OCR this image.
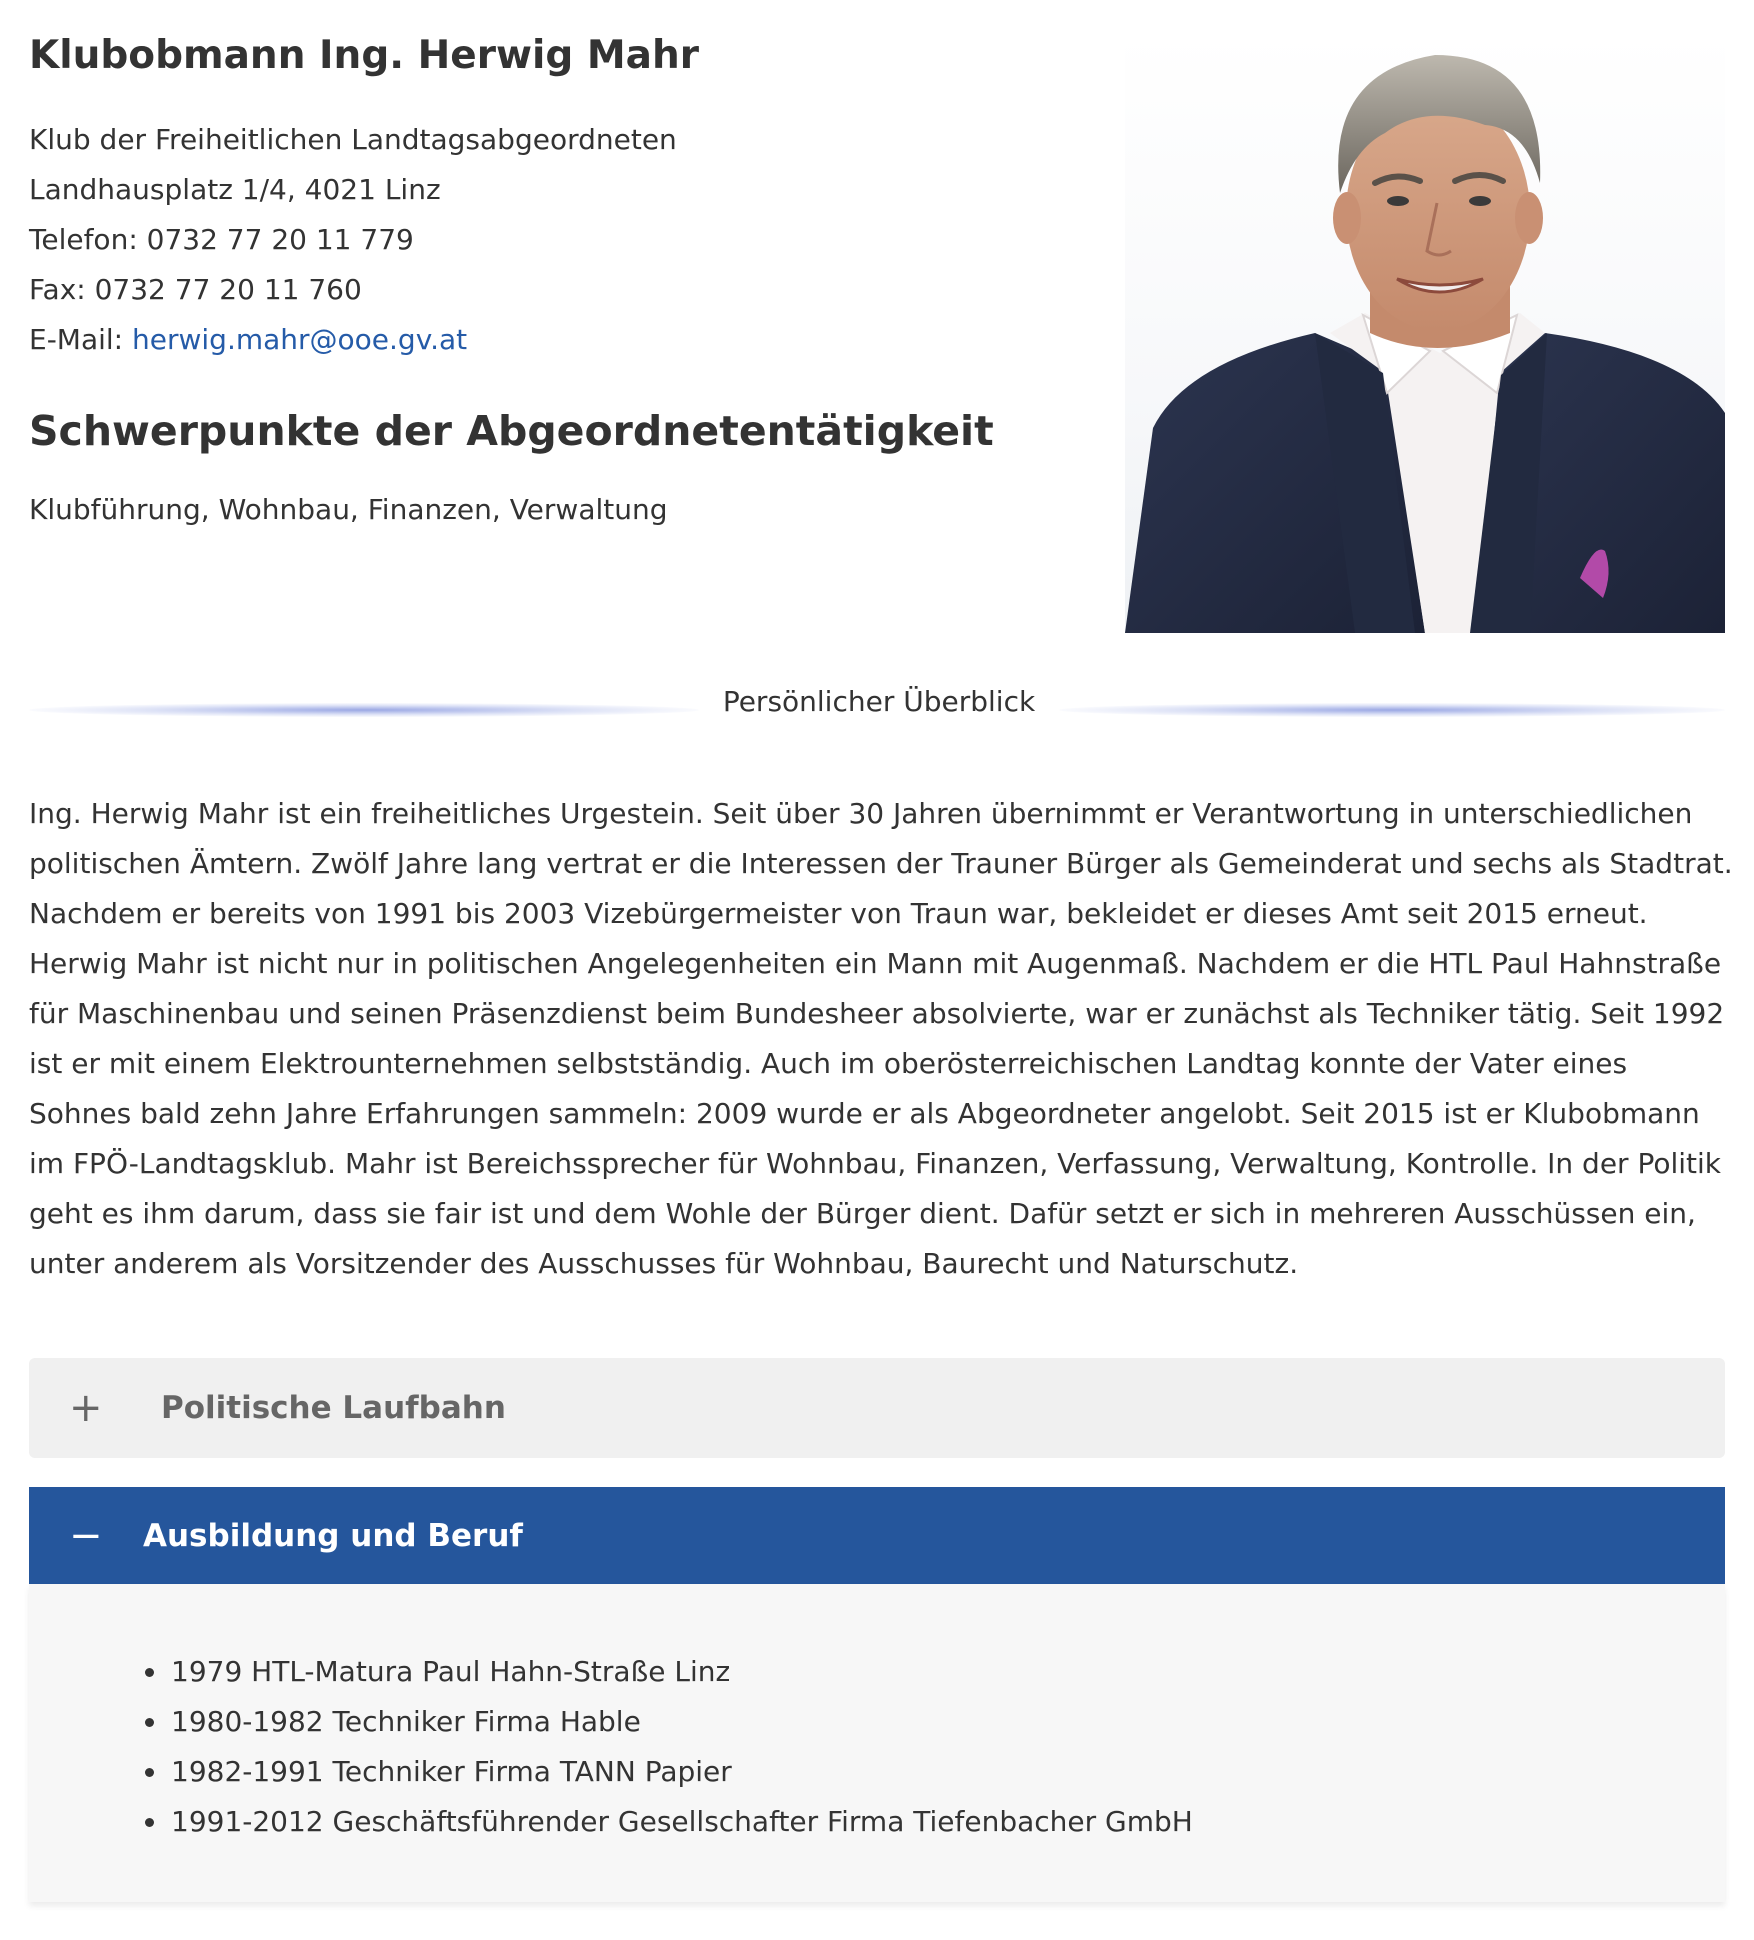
Klubobmann Ing. Herwig Mahr
Klub der Freiheitlichen Landtagsabgeordneten
Landhausplatz 1/4, 4021 Linz
Telefon: 0732 77 20 11 779
Fax: 0732 77 20 11 760
E-Mail: herwig.mahr@ooe.gv.at
Schwerpunkte der Abgeordnetentätigkeit
Klubführung, Wohnbau, Finanzen, Verwaltung
Persönlicher Überblick
Ing. Herwig Mahr ist ein freiheitliches Urgestein. Seit über 30 Jahren übernimmt er Verantwortung in unterschiedlichen
politischen Ämtern. Zwölf Jahre lang vertrat er die Interessen der Trauner Bürger als Gemeinderat und sechs als Stadtrat.
Nachdem er bereits von 1991 bis 2003 Vizebürgermeister von Traun war, bekleidet er dieses Amt seit 2015 erneut.
Herwig Mahr ist nicht nur in politischen Angelegenheiten ein Mann mit Augenmaß. Nachdem er die HTL Paul Hahnstraße
für Maschinenbau und seinen Präsenzdienst beim Bundesheer absolvierte, war er zunächst als Techniker tätig. Seit 1992
ist er mit einem Elektrounternehmen selbstständig. Auch im oberösterreichischen Landtag konnte der Vater eines
Sohnes bald zehn Jahre Erfahrungen sammeln: 2009 wurde er als Abgeordneter angelobt. Seit 2015 ist er Klubobmann
im FPÖ-Landtagsklub. Mahr ist Bereichssprecher für Wohnbau, Finanzen, Verfassung, Verwaltung, Kontrolle. In der Politik
geht es ihm darum, dass sie fair ist und dem Wohle der Bürger dient. Dafür setzt er sich in mehreren Ausschüssen ein,
unter anderem als Vorsitzender des Ausschusses für Wohnbau, Baurecht und Naturschutz.
+ Politische Laufbahn
− Ausbildung und Beruf
• 1979 HTL-Matura Paul Hahn-Straße Linz
• 1980-1982 Techniker Firma Hable
• 1982-1991 Techniker Firma TANN Papier
• 1991-2012 Geschäftsführender Gesellschafter Firma Tiefenbacher GmbH
